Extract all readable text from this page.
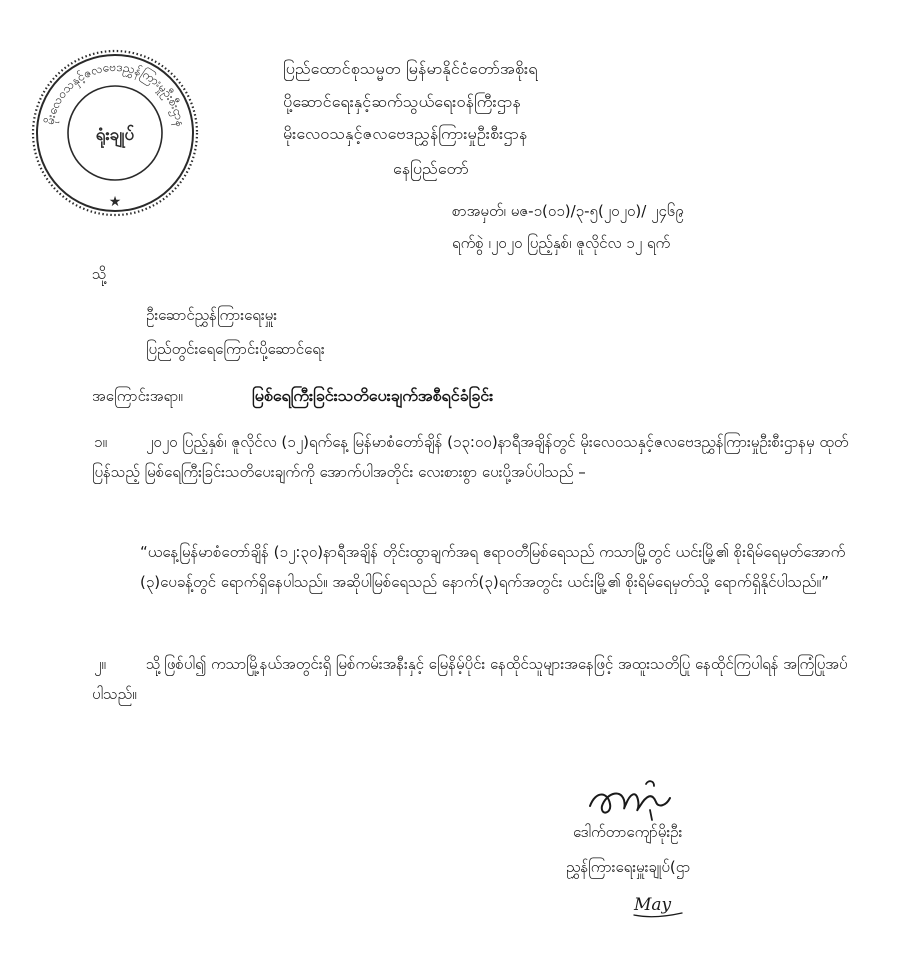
မိုးလေဝသနှင့်ဇလဗေဒညွှန်ကြားမှုဦးစီးဌာန
ရုံးချုပ်
★
ပြည်ထောင်စုသမ္မတ မြန်မာနိုင်ငံတော်အစိုးရ
ပို့ဆောင်ရေးနှင့်ဆက်သွယ်ရေးဝန်ကြီးဌာန
မိုးလေဝသနှင့်ဇလဗေဒညွှန်ကြားမှုဦးစီးဌာန
နေပြည်တော်
စာအမှတ်၊ မဇ-၁(၀၁)/၃-၅(၂၀၂၀)/ ၂၄၆၉
ရက်စွဲ ၊၂၀၂၀ ပြည့်နှစ်၊ ဇူလိုင်လ ၁၂ ရက်
သို့
ဦးဆောင်ညွှန်ကြားရေးမှူး
ပြည်တွင်းရေကြောင်းပို့ဆောင်ရေး
အကြောင်းအရာ။	မြစ်ရေကြီးခြင်းသတိပေးချက်အစီရင်ခံခြင်း
၁။	၂၀၂၀ ပြည့်နှစ်၊ ဇူလိုင်လ (၁၂)ရက်နေ့ မြန်မာစံတော်ချိန် (၁၃:၀၀)နာရီအချိန်တွင် မိုးလေဝသနှင့်ဇလဗေဒညွှန်ကြားမှုဦးစီးဌာနမှ ထုတ်ပြန်သည့် မြစ်ရေကြီးခြင်းသတိပေးချက်ကို အောက်ပါအတိုင်း လေးစားစွာ ပေးပို့အပ်ပါသည် –
“ယနေ့မြန်မာစံတော်ချိန် (၁၂:၃၀)နာရီအချိန် တိုင်းထွာချက်အရ ဧရာဝတီမြစ်ရေသည် ကသာမြို့တွင် ယင်းမြို့၏ စိုးရိမ်ရေမှတ်အောက် (၃)ပေခန့်တွင် ရောက်ရှိနေပါသည်။ အဆိုပါမြစ်ရေသည် နောက်(၃)ရက်အတွင်း ယင်းမြို့၏ စိုးရိမ်ရေမှတ်သို့ ရောက်ရှိနိုင်ပါသည်။”
၂။	သို့ဖြစ်ပါ၍ ကသာမြို့နယ်အတွင်းရှိ မြစ်ကမ်းအနီးနှင့် မြေနိမ့်ပိုင်း နေထိုင်သူများအနေဖြင့် အထူးသတိပြု နေထိုင်ကြပါရန် အကြံပြုအပ်ပါသည်။
ဒေါက်တာကျော်မိုးဦး
ညွှန်ကြားရေးမှူးချုပ်(ဌာ
May
